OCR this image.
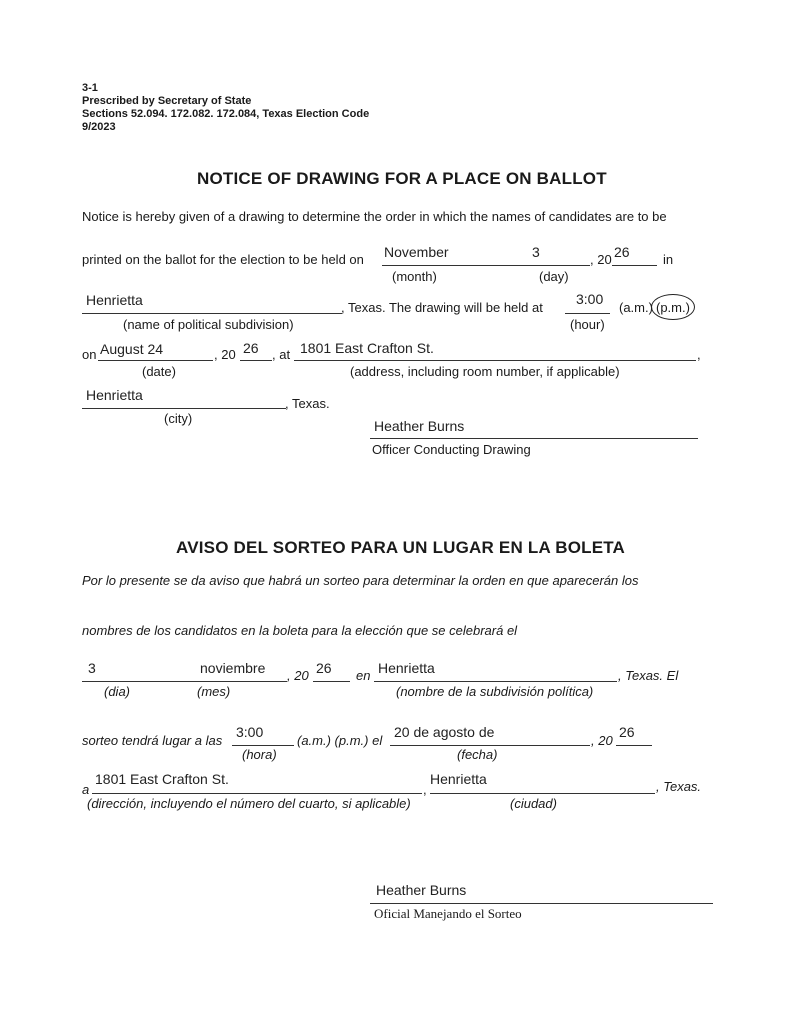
3-1
Prescribed by Secretary of State
Sections 52.094. 172.082. 172.084, Texas Election Code
9/2023
NOTICE OF DRAWING FOR A PLACE ON BALLOT
Notice is hereby given of a drawing to determine the order in which the names of candidates are to be
printed on the ballot for the election to be held on November	3	, 20 26	in
(month)	(day)
Henrietta	, Texas. The drawing will be held at
3:00
(a.m.) (p.m.)
(name of political subdivision)	(hour)
on August 24	, 20 26 , at 1801 East Crafton St.	,
(date)	(address, including room number, if applicable)
Henrietta
, Texas.
(city)	Heather Burns
Officer Conducting Drawing
AVISO DEL SORTEO PARA UN LUGAR EN LA BOLETA
Por lo presente se da aviso que habrá un sorteo para determinar la orden en que aparecerán los
nombres de los candidatos en la boleta para la elección que se celebrará el
3	noviembre , 20 26 en Henrietta	, Texas. El
(dia)	(mes)	(nombre de la subdivisión política)
sorteo tendrá lugar a las
3:00
(a.m.) (p.m.) el
20 de agosto de
, 20
26
(hora)	(fecha)
a
1801 East Crafton St.
,
Henrietta	, Texas.
(dirección, incluyendo el número del cuarto, si aplicable)	(ciudad)
Heather Burns
Oficial Manejando el Sorteo
